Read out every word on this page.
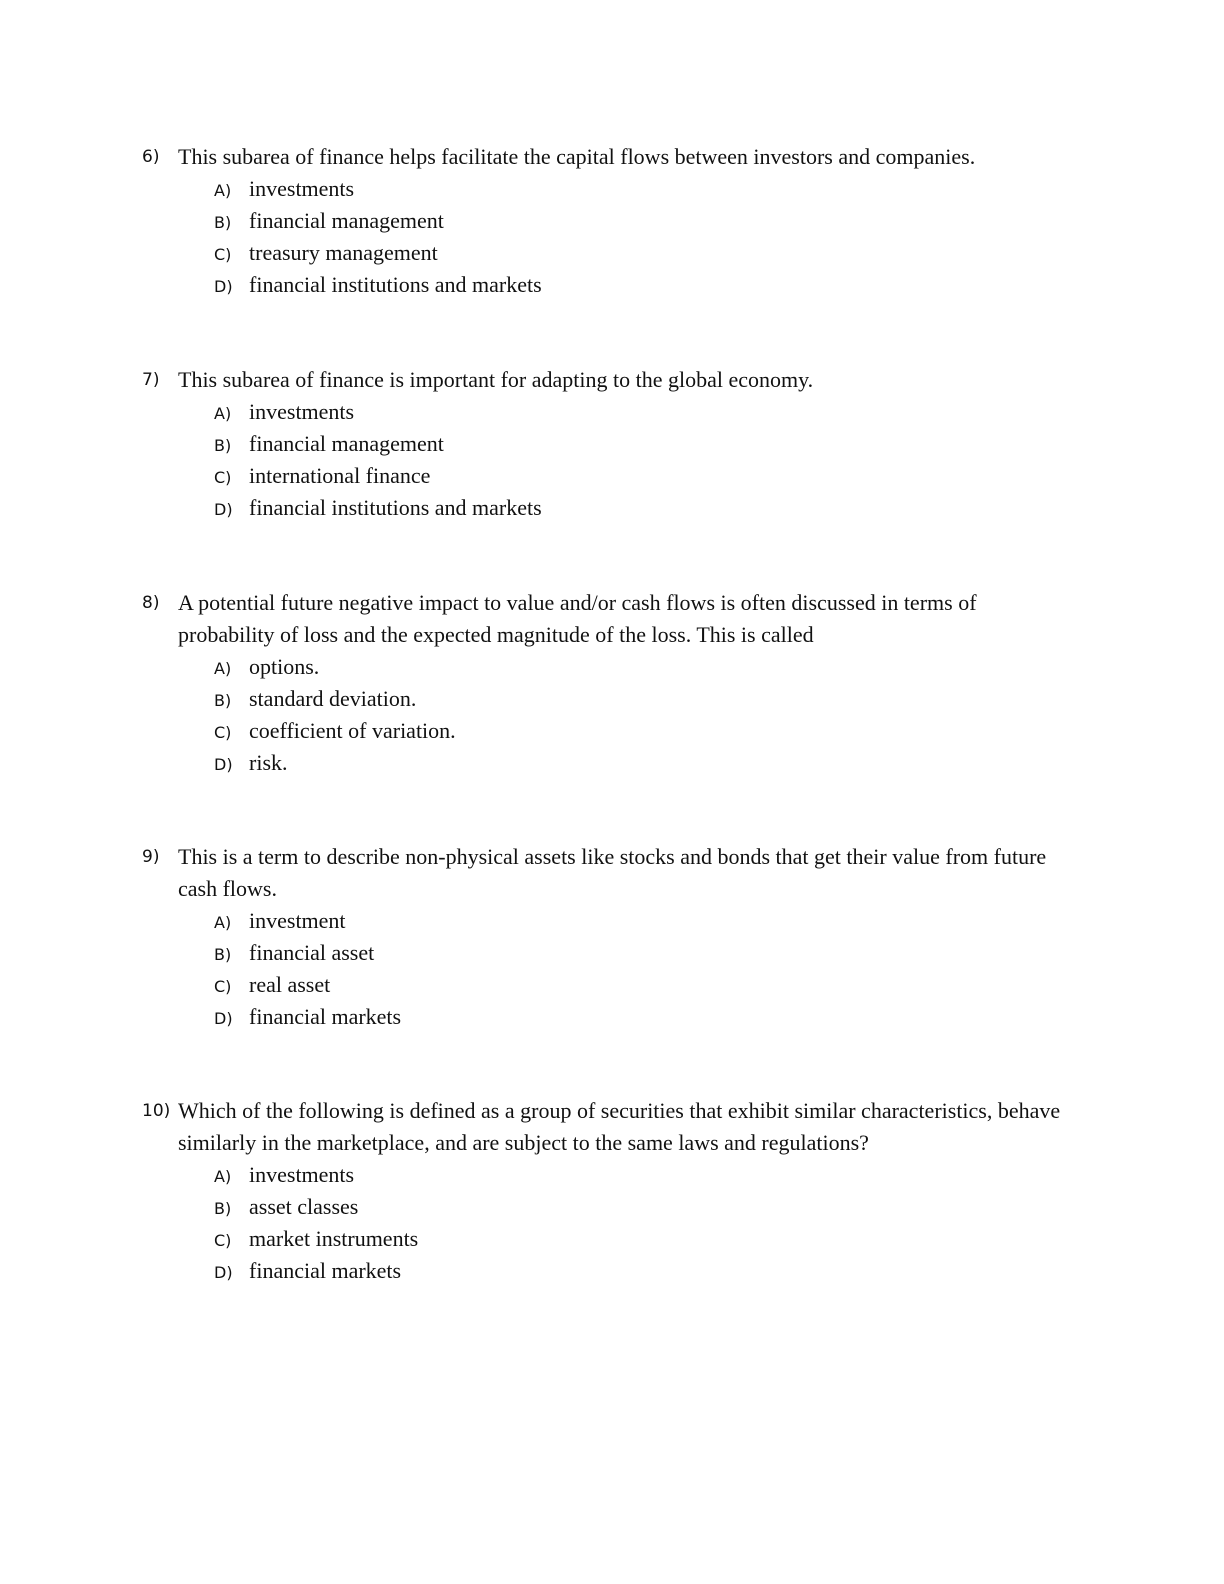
6) This subarea of finance helps facilitate the capital flows between investors and companies.
A) investments
B) financial management
C) treasury management
D) financial institutions and markets
7) This subarea of finance is important for adapting to the global economy.
A) investments
B) financial management
C) international finance
D) financial institutions and markets
8) A potential future negative impact to value and/or cash flows is often discussed in terms of probability of loss and the expected magnitude of the loss. This is called
A) options.
B) standard deviation.
C) coefficient of variation.
D) risk.
9) This is a term to describe non-physical assets like stocks and bonds that get their value from future cash flows.
A) investment
B) financial asset
C) real asset
D) financial markets
10) Which of the following is defined as a group of securities that exhibit similar characteristics, behave similarly in the marketplace, and are subject to the same laws and regulations?
A) investments
B) asset classes
C) market instruments
D) financial markets
